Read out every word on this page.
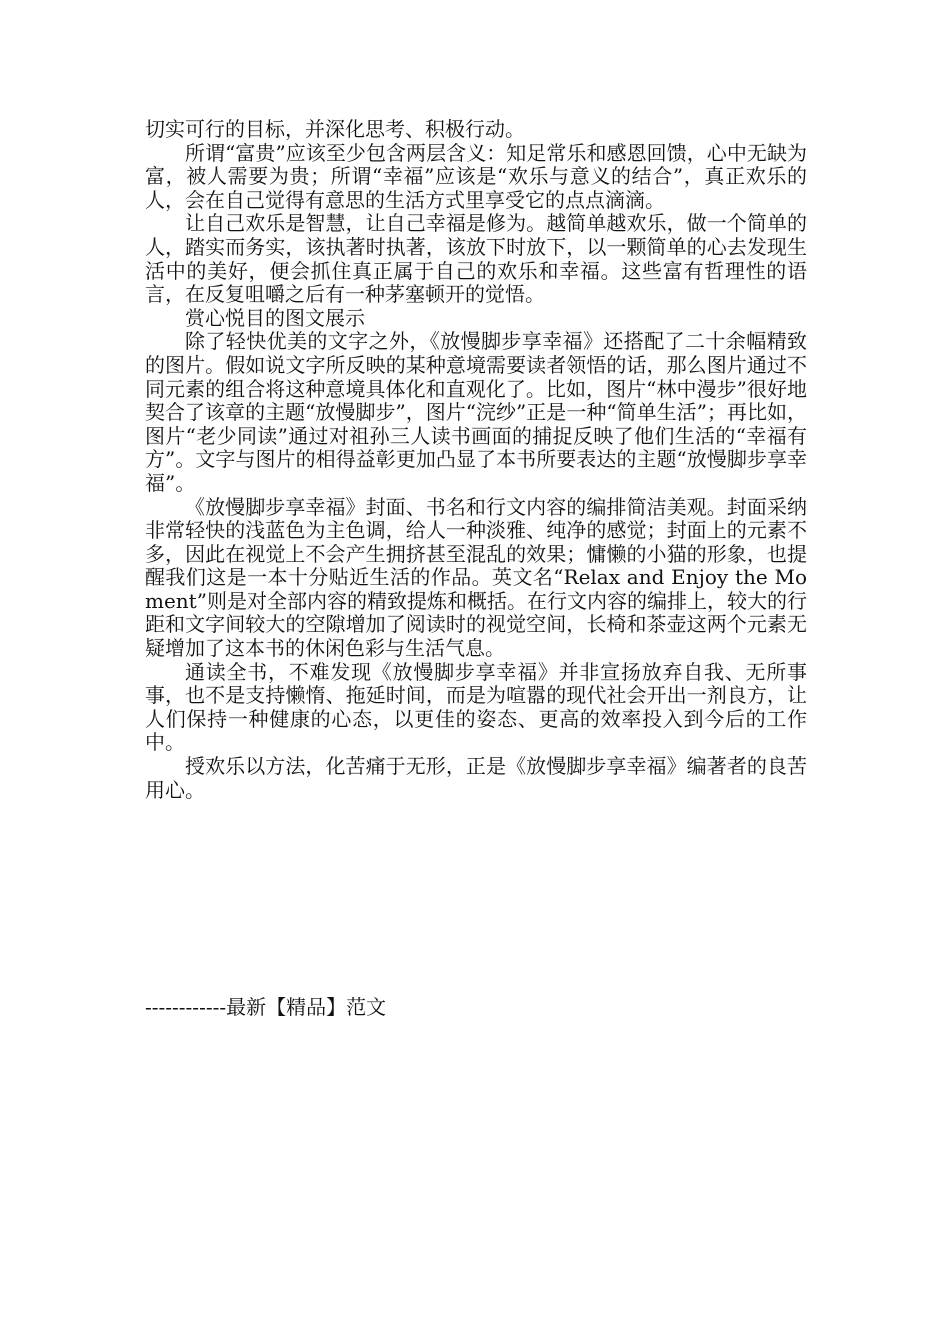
切实可行的目标，并深化思考、积极行动。

所谓“富贵”应该至少包含两层含义：知足常乐和感恩回馈，心中无缺为富，被人需要为贵；所谓“幸福”应该是“欢乐与意义的结合”，真正欢乐的人，会在自己觉得有意思的生活方式里享受它的点点滴滴。

让自己欢乐是智慧，让自己幸福是修为。越简单越欢乐，做一个简单的人，踏实而务实，该执著时执著，该放下时放下，以一颗简单的心去发现生活中的美好，便会抓住真正属于自己的欢乐和幸福。这些富有哲理性的语言，在反复咀嚼之后有一种茅塞顿开的觉悟。

赏心悦目的图文展示

除了轻快优美的文字之外，《放慢脚步享幸福》还搭配了二十余幅精致的图片。假如说文字所反映的某种意境需要读者领悟的话，那么图片通过不同元素的组合将这种意境具体化和直观化了。比如，图片“林中漫步”很好地契合了该章的主题“放慢脚步”，图片“浣纱”正是一种“简单生活”；再比如，图片“老少同读”通过对祖孙三人读书画面的捕捉反映了他们生活的“幸福有方”。文字与图片的相得益彰更加凸显了本书所要表达的主题“放慢脚步享幸福”。

《放慢脚步享幸福》封面、书名和行文内容的编排简洁美观。封面采纳非常轻快的浅蓝色为主色调，给人一种淡雅、纯净的感觉；封面上的元素不多，因此在视觉上不会产生拥挤甚至混乱的效果；慵懒的小猫的形象，也提醒我们这是一本十分贴近生活的作品。英文名“Relax and Enjoy the Moment”则是对全部内容的精致提炼和概括。在行文内容的编排上，较大的行距和文字间较大的空隙增加了阅读时的视觉空间，长椅和茶壶这两个元素无疑增加了这本书的休闲色彩与生活气息。

通读全书，不难发现《放慢脚步享幸福》并非宣扬放弃自我、无所事事，也不是支持懒惰、拖延时间，而是为喧嚣的现代社会开出一剂良方，让人们保持一种健康的心态，以更佳的姿态、更高的效率投入到今后的工作中。

授欢乐以方法，化苦痛于无形，正是《放慢脚步享幸福》编著者的良苦用心。

------------最新【精品】范文
